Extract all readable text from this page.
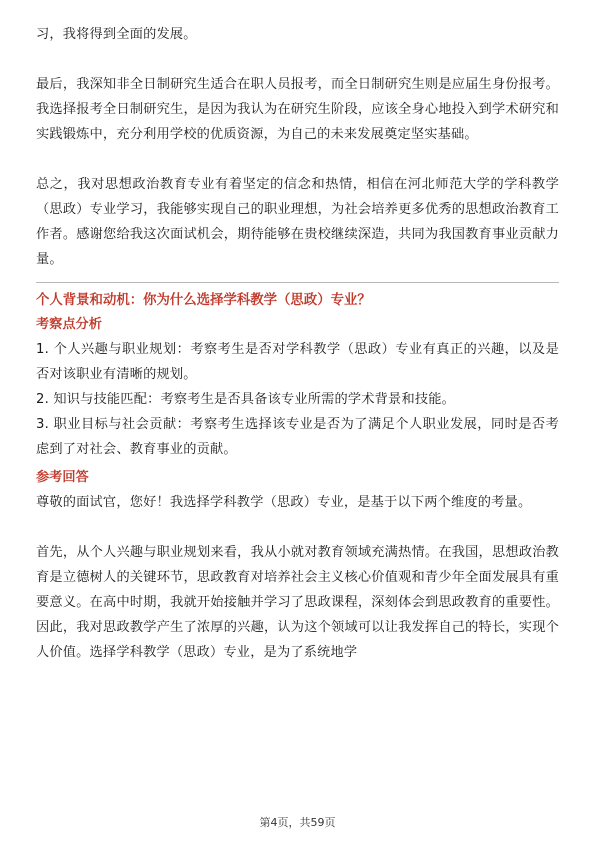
习，我将得到全面的发展。

最后，我深知非全日制研究生适合在职人员报考，而全日制研究生则是应届生身份报考。我选择报考全日制研究生，是因为我认为在研究生阶段，应该全身心地投入到学术研究和实践锻炼中，充分利用学校的优质资源，为自己的未来发展奠定坚实基础。

总之，我对思想政治教育专业有着坚定的信念和热情，相信在河北师范大学的学科教学（思政）专业学习，我能够实现自己的职业理想，为社会培养更多优秀的思想政治教育工作者。感谢您给我这次面试机会，期待能够在贵校继续深造，共同为我国教育事业贡献力量。

个人背景和动机：你为什么选择学科教学（思政）专业？

考察点分析

1. 个人兴趣与职业规划：考察考生是否对学科教学（思政）专业有真正的兴趣，以及是否对该职业有清晰的规划。

2. 知识与技能匹配：考察考生是否具备该专业所需的学术背景和技能。

3. 职业目标与社会贡献：考察考生选择该专业是否为了满足个人职业发展，同时是否考虑到了对社会、教育事业的贡献。

参考回答

尊敬的面试官，您好！我选择学科教学（思政）专业，是基于以下两个维度的考量。

首先，从个人兴趣与职业规划来看，我从小就对教育领域充满热情。在我国，思想政治教育是立德树人的关键环节，思政教育对培养社会主义核心价值观和青少年全面发展具有重要意义。在高中时期，我就开始接触并学习了思政课程，深刻体会到思政教育的重要性。因此，我对思政教学产生了浓厚的兴趣，认为这个领域可以让我发挥自己的特长，实现个人价值。选择学科教学（思政）专业，是为了系统地学

第4页，共59页
